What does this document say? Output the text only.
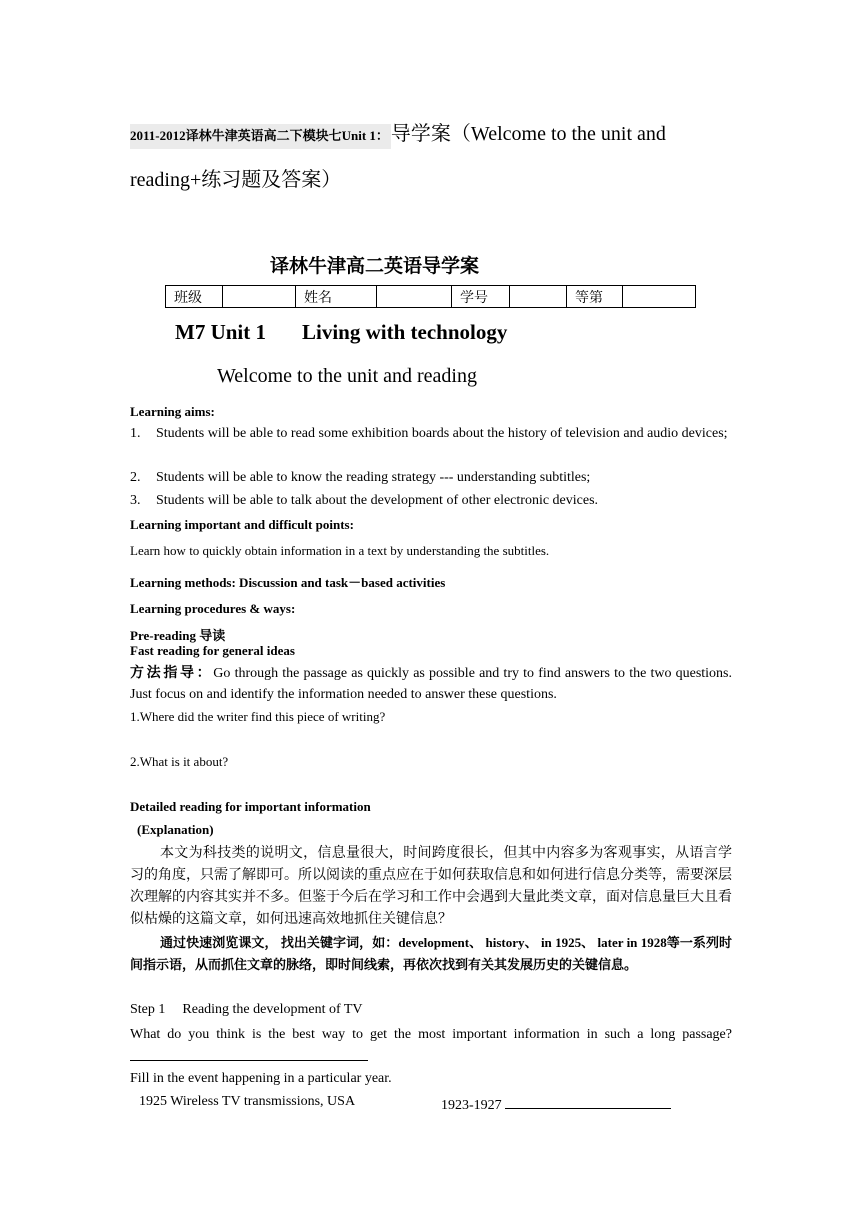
2011-2012译林牛津英语高二下模块七Unit 1： 导学案（Welcome to the unit and reading+练习题及答案）
译林牛津高二英语导学案
班级		姓名		学号		等第	
M7 Unit 1 Living with technology
Welcome to the unit and reading
Learning aims:
1. Students will be able to read some exhibition boards about the history of television and audio devices;
2. Students will be able to know the reading strategy --- understanding subtitles;
3. Students will be able to talk about the development of other electronic devices.
Learning important and difficult points:
Learn how to quickly obtain information in a text by understanding the subtitles.
Learning methods: Discussion and task－based activities
Learning procedures & ways:
Pre-reading 导读
Fast reading for general ideas
方法指导：Go through the passage as quickly as possible and try to find answers to the two questions. Just focus on and identify the information needed to answer these questions.
1.Where did the writer find this piece of writing?
2.What is it about?
Detailed reading for important information
(Explanation)
本文为科技类的说明文，信息量很大，时间跨度很长，但其中内容多为客观事实，从语言学习的角度，只需了解即可。所以阅读的重点应在于如何获取信息和如何进行信息分类等，需要深层次理解的内容其实并不多。但鉴于今后在学习和工作中会遇到大量此类文章，面对信息量巨大且看似枯燥的这篇文章，如何迅速高效地抓住关键信息？
通过快速浏览课文， 找出关键字词，如：development、 history、 in 1925、 later in 1928等一系列时间指示语，从而抓住文章的脉络，即时间线索，再依次找到有关其发展历史的关键信息。
Step 1 Reading the development of TV
What do you think is the best way to get the most important information in such a long passage?
Fill in the event happening in a particular year.
1925 Wireless TV transmissions, USA	1923-1927
